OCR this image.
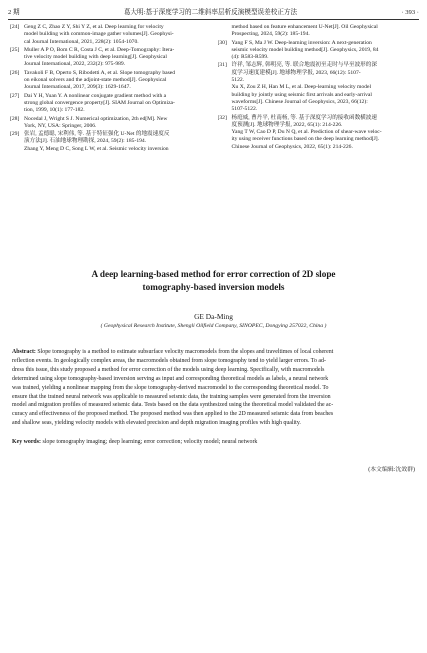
2 期	葛大明:基于深度学习的二维斜率层析反演模型误差校正方法	· 393 ·
[24] Geng Z C, Zhao Z Y, Shi Y Z, et al. Deep learning for velocity
model building with common-image gather volumes[J]. Geophysi-
cal Journal International, 2021, 228(2): 1054-1070.
[25] Muller A P O, Bom C R, Costa J C, et al. Deep-Tomography: Itera-
tive velocity model building with deep learning[J]. Geophysical
Journal International, 2022, 232(2): 975-989.
[26] Tavakoli F B, Operto S, Ribodetti A, et al. Slope tomography based
on eikonal solvers and the adjoint-state method[J]. Geophysical
Journal International, 2017, 209(3): 1629-1647.
[27] Dai Y H, Yuan Y. A nonlinear conjugate gradient method with a
strong global convergence property[J]. SIAM Journal on Optimiza-
tion, 1999, 10(1): 177-182.
[28] Nocedal J, Wright S J. Numerical optimization, 2th ed[M]. New
York, NY, USA: Springer, 2006.
[29] 张岩, 孟德聪, 宋利伟, 等. 基于特征强化 U-Net 的地震速度反
演方法[J]. 石油地球物理勘探, 2024, 59(2): 185-194.
Zhang Y, Meng D C, Song L W, et al. Seismic velocity inversion
method based on feature enhancement U-Net[J]. Oil Geophysical
Prospecting, 2024, 59(2): 185-194.
[30] Yang F S, Ma J W. Deep-learning inversion: A next-generation
seismic velocity model building method[J]. Geophysics, 2019, 84
(4): R583-R599.
[31] 许祥, 邹志辉, 韩明亮, 等. 联合地震初至走时与早至波形的深
度学习速度建模[J]. 地球物理学报, 2023, 66(12): 5107-
5122.
Xu X, Zou Z H, Han M L, et al. Deep-learning velocity model
building by jointly using seismic first arrivals and early-arrival
waveforms[J]. Chinese Journal of Geophysics, 2023, 66(12):
5107-5122.
[32] 杨庭威, 曹丹平, 杜南杨, 等. 基于深度学习的接收函数横波速
度预测[J]. 地球物理学报, 2022, 65(1): 214-226.
Yang T W, Cao D P, Du N Q, et al. Prediction of shear-wave veloc-
ity using receiver functions based on the deep learning method[J].
Chinese Journal of Geophysics, 2022, 65(1): 214-226.
A deep learning-based method for error correction of 2D slope
tomography-based inversion models
GE Da-Ming
( Geophysical Research Institute, Shengli Oilfield Company, SINOPEC, Dongying 257022, China )
Abstract: Slope tomography is a method to estimate subsurface velocity macromodels from the slopes and traveltimes of local coherent
reflection events. In geologically complex areas, the macromodels obtained from slope tomography tend to yield larger errors. To ad-
dress this issue, this study proposed a method for error correction of the models using deep learning. Specifically, with macromodels
determined using slope tomography-based inversion serving as input and corresponding theoretical models as labels, a neural network
was trained, yielding a nonlinear mapping from the slope tomography-derived macromodel to the corresponding theoretical model. To
ensure that the trained neural network was applicable to measured seismic data, the training samples were generated from the inversion
model and migration profiles of measured seismic data. Tests based on the data synthesized using the theoretical model validated the ac-
curacy and effectiveness of the proposed method. The proposed method was then applied to the 2D measured seismic data from beaches
and shallow seas, yielding velocity models with elevated precision and depth migration imaging profiles with high quality.
Key words: slope tomography imaging; deep learning; error correction; velocity model; neural network
(本文编辑:沈效群)
